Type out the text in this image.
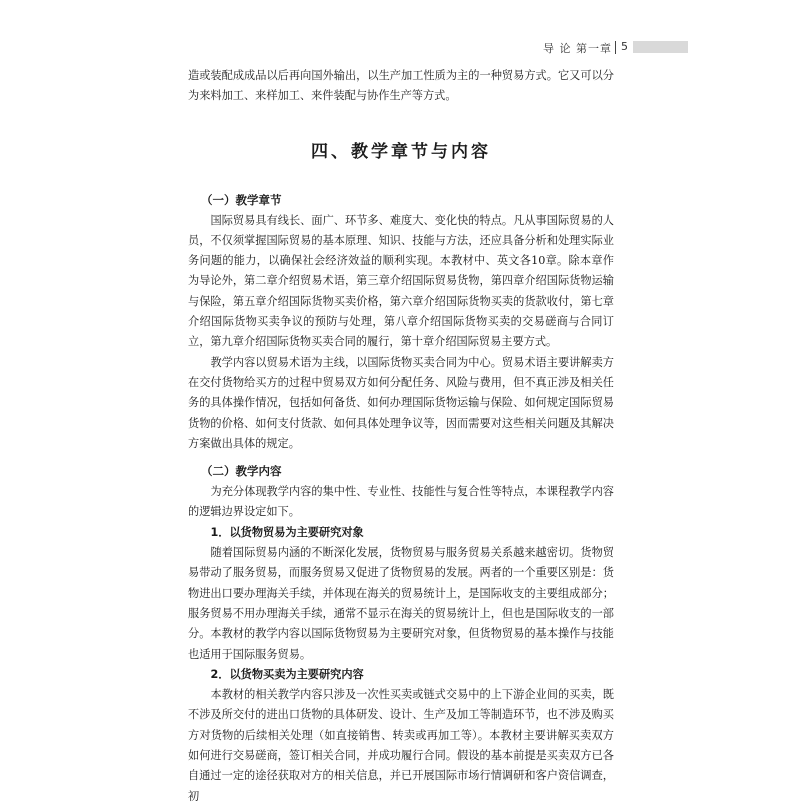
导 论 第一章 5

造或装配成成品以后再向国外输出，以生产加工性质为主的一种贸易方式。它又可以分为来料加工、来样加工、来件装配与协作生产等方式。

四、教学章节与内容

（一）教学章节

国际贸易具有线长、面广、环节多、难度大、变化快的特点。凡从事国际贸易的人员，不仅须掌握国际贸易的基本原理、知识、技能与方法，还应具备分析和处理实际业务问题的能力，以确保社会经济效益的顺利实现。本教材中、英文各10章。除本章作为导论外，第二章介绍贸易术语，第三章介绍国际贸易货物，第四章介绍国际货物运输与保险，第五章介绍国际货物买卖价格，第六章介绍国际货物买卖的货款收付，第七章介绍国际货物买卖争议的预防与处理，第八章介绍国际货物买卖的交易磋商与合同订立，第九章介绍国际货物买卖合同的履行，第十章介绍国际贸易主要方式。

教学内容以贸易术语为主线，以国际货物买卖合同为中心。贸易术语主要讲解卖方在交付货物给买方的过程中贸易双方如何分配任务、风险与费用，但不真正涉及相关任务的具体操作情况，包括如何备货、如何办理国际货物运输与保险、如何规定国际贸易货物的价格、如何支付货款、如何具体处理争议等，因而需要对这些相关问题及其解决方案做出具体的规定。

（二）教学内容

为充分体现教学内容的集中性、专业性、技能性与复合性等特点，本课程教学内容的逻辑边界设定如下。

1．以货物贸易为主要研究对象

随着国际贸易内涵的不断深化发展，货物贸易与服务贸易关系越来越密切。货物贸易带动了服务贸易，而服务贸易又促进了货物贸易的发展。两者的一个重要区别是：货物进出口要办理海关手续，并体现在海关的贸易统计上，是国际收支的主要组成部分；服务贸易不用办理海关手续，通常不显示在海关的贸易统计上，但也是国际收支的一部分。本教材的教学内容以国际货物贸易为主要研究对象，但货物贸易的基本操作与技能也适用于国际服务贸易。

2．以货物买卖为主要研究内容

本教材的相关教学内容只涉及一次性买卖或链式交易中的上下游企业间的买卖，既不涉及所交付的进出口货物的具体研发、设计、生产及加工等制造环节，也不涉及购买方对货物的后续相关处理（如直接销售、转卖或再加工等）。本教材主要讲解买卖双方如何进行交易磋商，签订相关合同，并成功履行合同。假设的基本前提是买卖双方已各自通过一定的途径获取对方的相关信息，并已开展国际市场行情调研和客户资信调查，初
